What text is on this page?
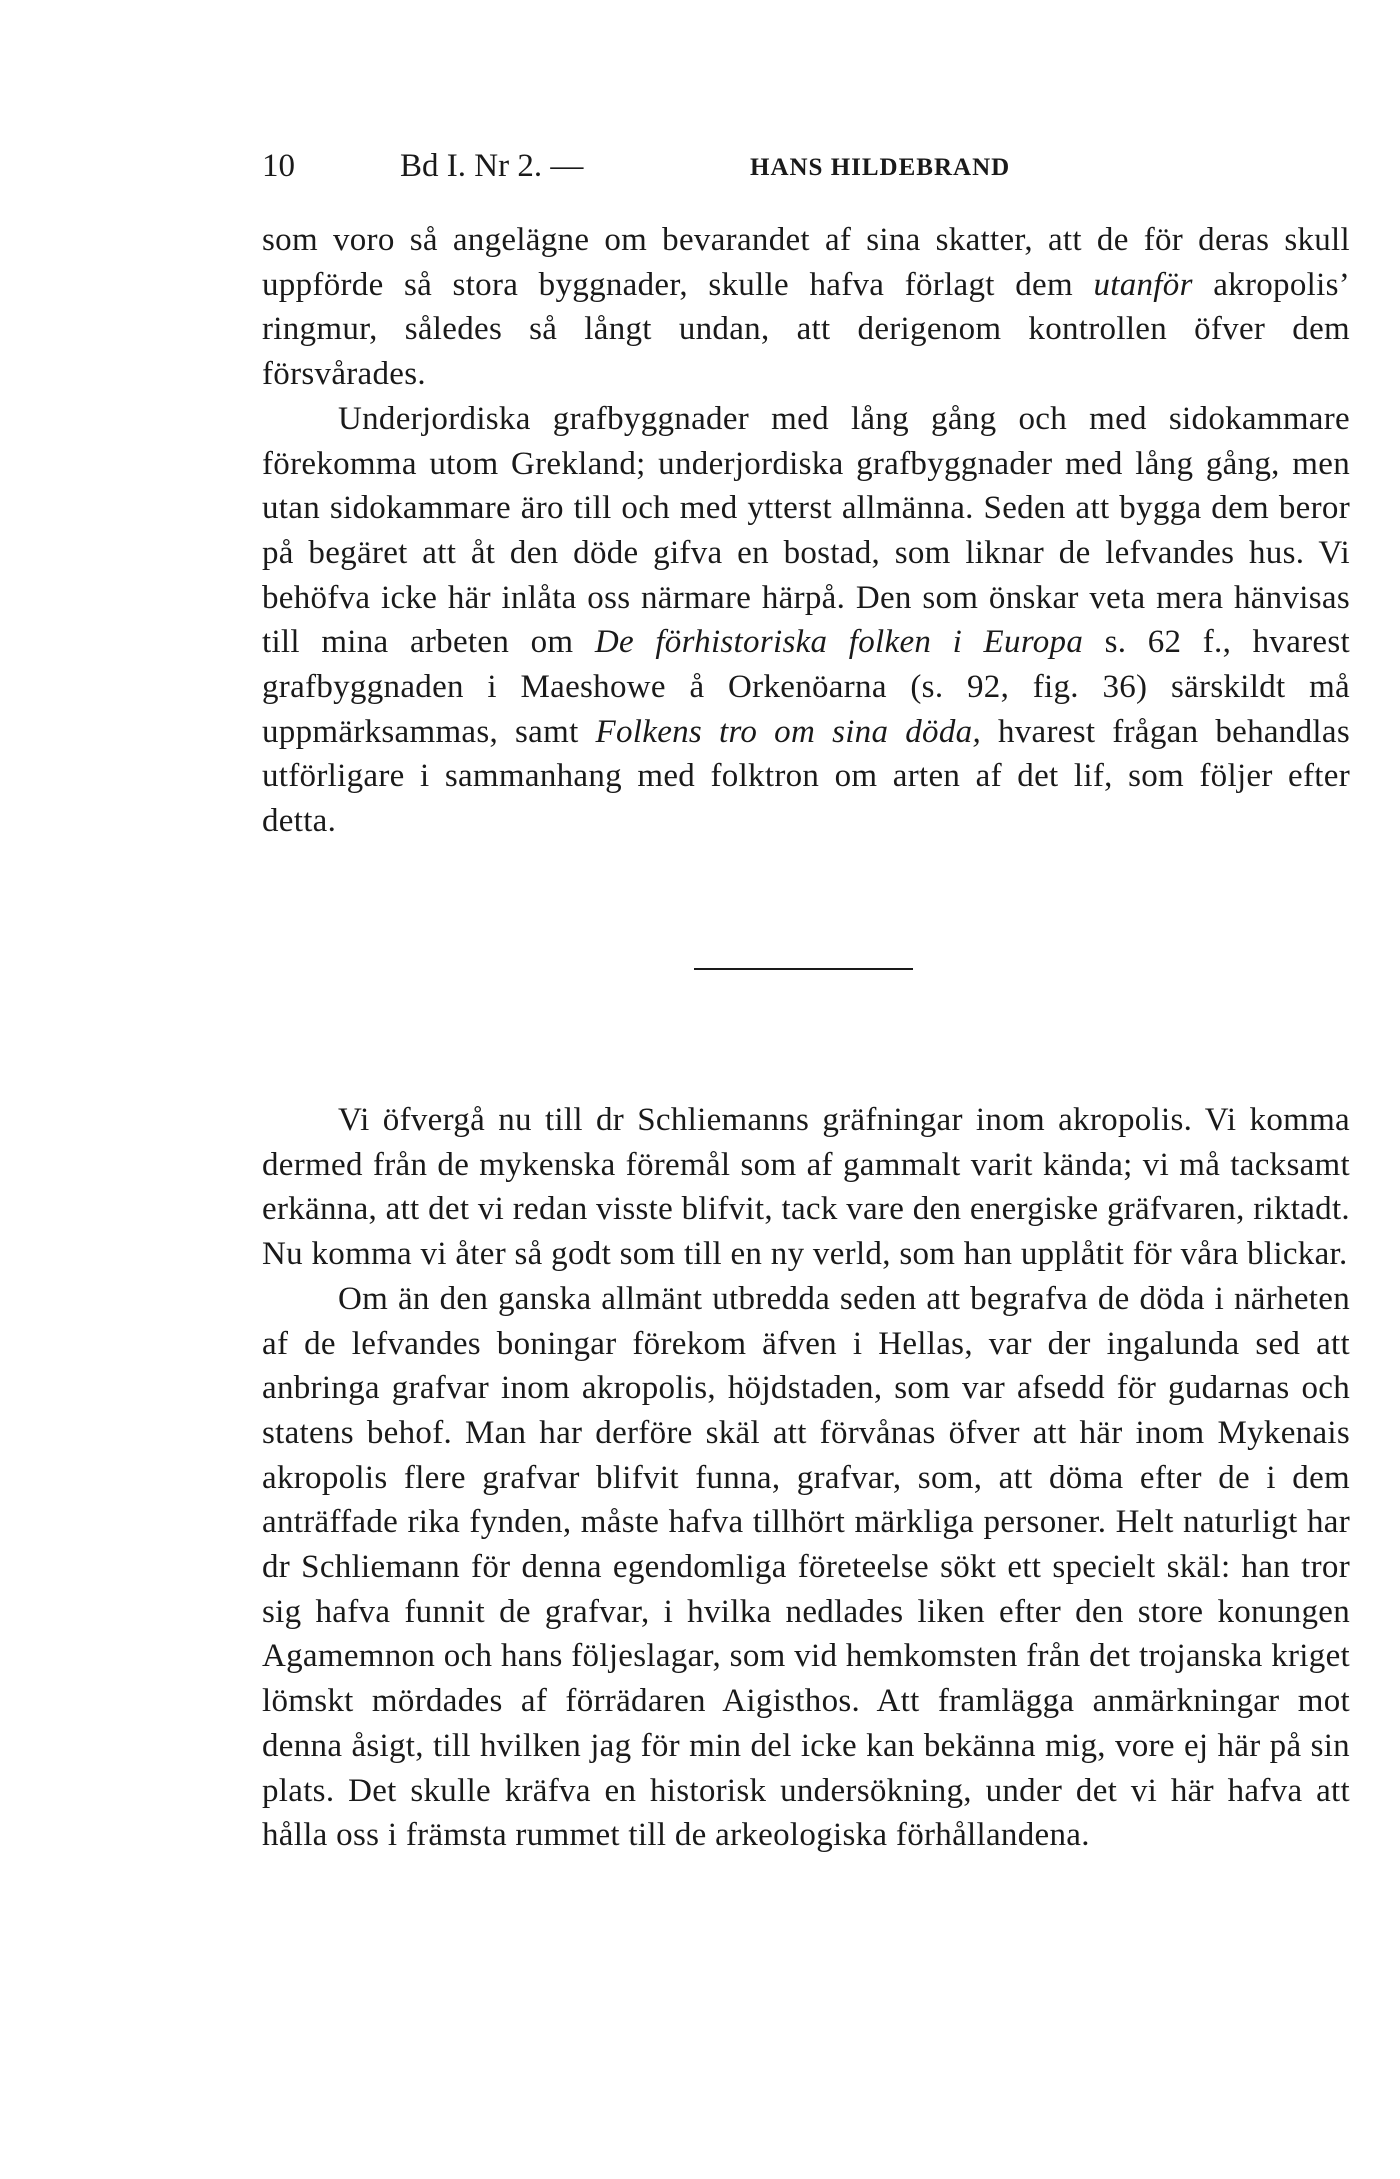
10	Bd I. Nr 2. —	HANS HILDEBRAND

som voro så angelägne om bevarandet af sina skatter, att de för deras skull uppförde så stora byggnader, skulle hafva förlagt dem utanför akropolis’ ringmur, således så långt undan, att derigenom kontrollen öfver dem försvårades.

Underjordiska grafbyggnader med lång gång och med sidokammare förekomma utom Grekland; underjordiska grafbyggnader med lång gång, men utan sidokammare äro till och med ytterst allmänna. Seden att bygga dem beror på begäret att åt den döde gifva en bostad, som liknar de lefvandes hus. Vi behöfva icke här inlåta oss närmare härpå. Den som önskar veta mera hänvisas till mina arbeten om De förhistoriska folken i Europa s. 62 f., hvarest grafbyggnaden i Maeshowe å Orkenöarna (s. 92, fig. 36) särskildt må uppmärksammas, samt Folkens tro om sina döda, hvarest frågan behandlas utförligare i sammanhang med folktron om arten af det lif, som följer efter detta.

Vi öfvergå nu till dr Schliemanns gräfningar inom akropolis. Vi komma dermed från de mykenska föremål som af gammalt varit kända; vi må tacksamt erkänna, att det vi redan visste blifvit, tack vare den energiske gräfvaren, riktadt. Nu komma vi åter så godt som till en ny verld, som han upplåtit för våra blickar.

Om än den ganska allmänt utbredda seden att begrafva de döda i närheten af de lefvandes boningar förekom äfven i Hellas, var der ingalunda sed att anbringa grafvar inom akropolis, höjdstaden, som var afsedd för gudarnas och statens behof. Man har derföre skäl att förvånas öfver att här inom Mykenais akropolis flere grafvar blifvit funna, grafvar, som, att döma efter de i dem anträffade rika fynden, måste hafva tillhört märkliga personer. Helt naturligt har dr Schliemann för denna egendomliga företeelse sökt ett specielt skäl: han tror sig hafva funnit de grafvar, i hvilka nedlades liken efter den store konungen Agamemnon och hans följeslagar, som vid hemkomsten från det trojanska kriget lömskt mördades af förrädaren Aigisthos. Att framlägga anmärkningar mot denna åsigt, till hvilken jag för min del icke kan bekänna mig, vore ej här på sin plats. Det skulle kräfva en historisk undersökning, under det vi här hafva att hålla oss i främsta rummet till de arkeologiska förhållandena.
